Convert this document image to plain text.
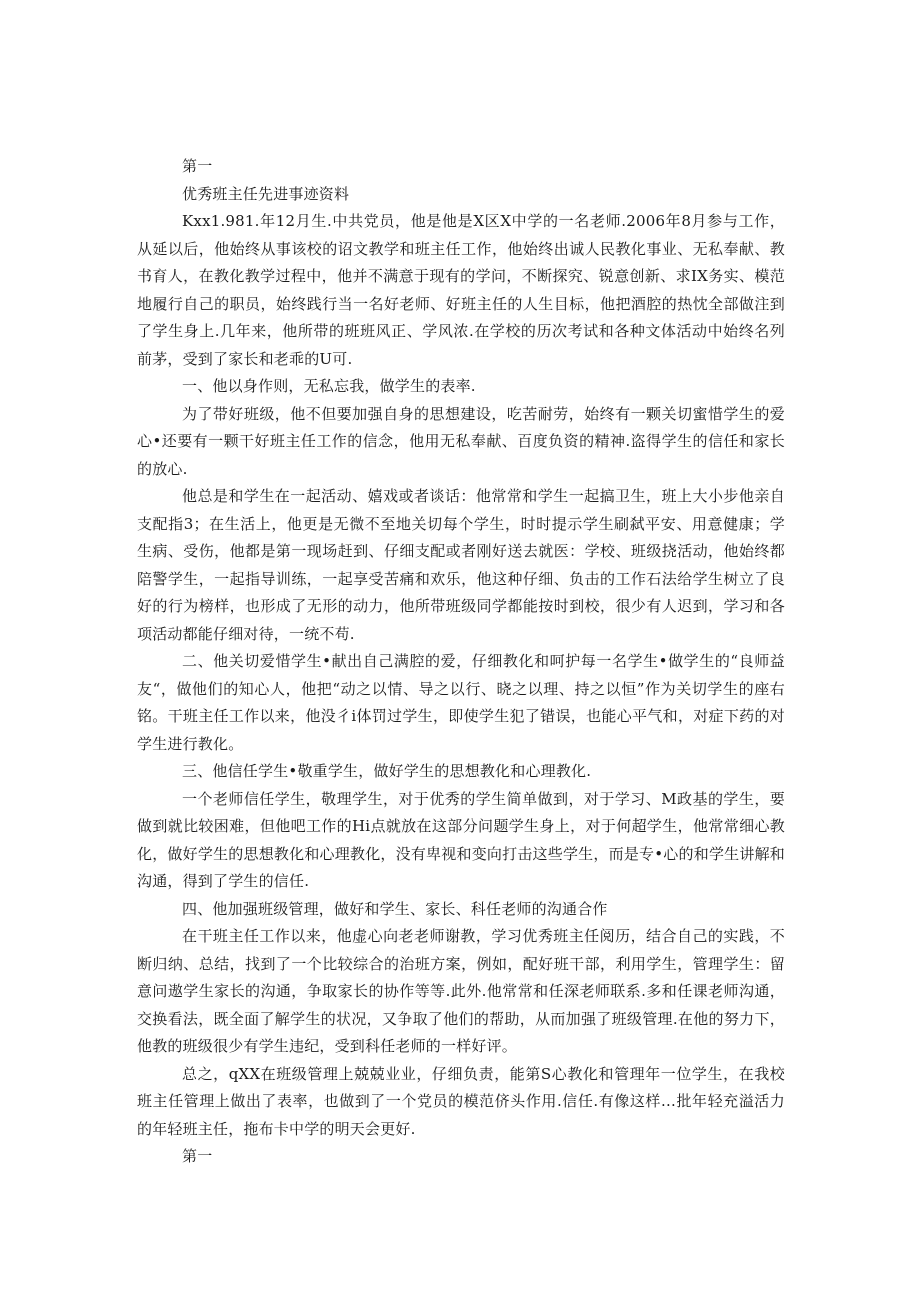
第一

优秀班主任先进事迹资料

Kxx1.981.年12月生.中共党员，他是他是X区X中学的一名老师.2006年8月参与工作，从延以后，他始终从事该校的诏文教学和班主任工作，他始终出诚人民教化事业、无私奉献、教书育人，在教化教学过程中，他并不满意于现有的学问，不断探究、锐意创新、求IX务实、模范地履行自己的职员，始终践行当一名好老师、好班主任的人生目标，他把酒腔的热忱全部做注到了学生身上.几年来，他所带的班班风正、学风浓.在学校的历次考试和各种文体活动中始终名列前茅，受到了家长和老乖的U可.

一、他以身作则，无私忘我，做学生的表率.

为了带好班级，他不但要加强自身的思想建设，吃苦耐劳，始终有一颗关切蜜惜学生的爱心•还要有一颗干好班主任工作的信念，他用无私奉献、百度负资的精神.盗得学生的信任和家长的放心.

他总是和学生在一起活动、嬉戏或者谈话：他常常和学生一起搞卫生，班上大小步他亲自支配指3；在生活上，他更是无微不至地关切每个学生，时时提示学生刷弑平安、用意健康；学生病、受伤，他都是第一现场赶到、仔细支配或者刚好送去就医：学校、班级挠活动，他始终都陪警学生，一起指导训练，一起享受苦痛和欢乐，他这种仔细、负击的工作石法给学生树立了良好的行为榜样，也形成了无形的动力，他所带班级同学都能按时到校，很少有人迟到，学习和各项活动都能仔细对待，一统不苟.

二、他关切爱惜学生•献出自己满腔的爱，仔细教化和呵护每一名学生•做学生的“良师益友“，做他们的知心人，他把“动之以情、导之以行、晓之以理、持之以恒”作为关切学生的座右铭。干班主任工作以来，他没彳i体罚过学生，即使学生犯了错误，也能心平气和，对症下药的对学生进行教化。

三、他信任学生•敬重学生，做好学生的思想教化和心理教化.

一个老师信任学生，敬理学生，对于优秀的学生简单做到，对于学习、M政基的学生，要做到就比较困难，但他吧工作的Hi点就放在这部分问题学生身上，对于何超学生，他常常细心教化，做好学生的思想教化和心理教化，没有卑视和变向打击这些学生，而是专•心的和学生讲解和沟通，得到了学生的信任.

四、他加强班级管理，做好和学生、家长、科任老师的沟通合作

在干班主任工作以来，他虚心向老老师谢教，学习优秀班主任阅历，结合自己的实践，不断归纳、总结，找到了一个比较综合的治班方案，例如，配好班干部，利用学生，管理学生：留意问遨学生家长的沟通，争取家长的协作等等.此外.他常常和任深老师联系.多和任课老师沟通，交换看法，既全面了解学生的状况，又争取了他们的帮助，从而加强了班级管理.在他的努力下，他教的班级很少有学生违纪，受到科任老师的一样好评。

总之，qXX在班级管理上兢兢业业，仔细负责，能第S心教化和管理年一位学生，在我校班主任管理上做出了表率，也做到了一个党员的模范侪头作用.信任.有像这样…批年轻充溢活力的年轻班主任，拖布卡中学的明天会更好.

第一
